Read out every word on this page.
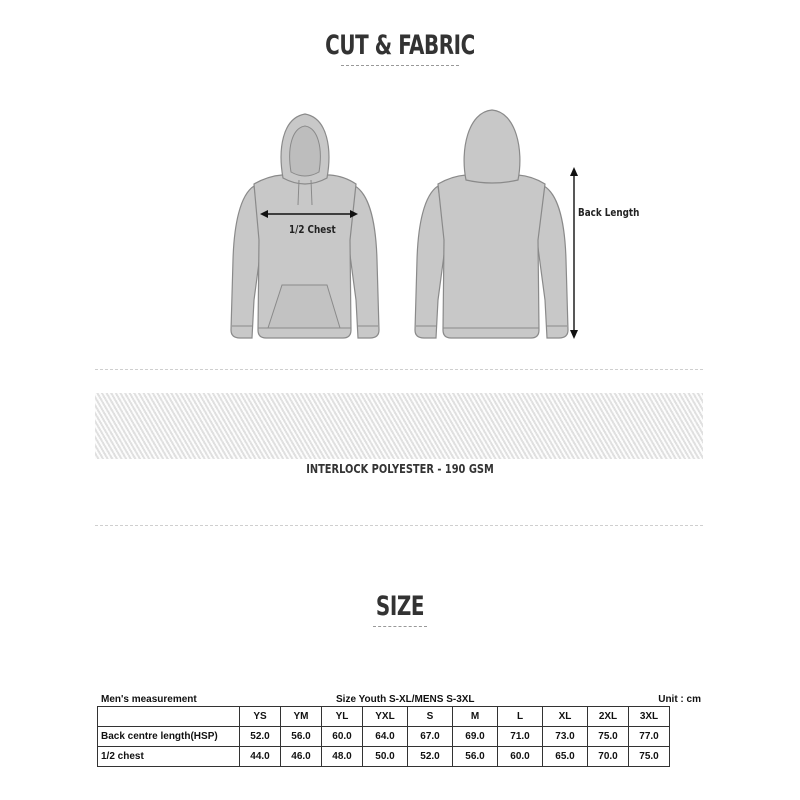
CUT & FABRIC
1/2 Chest
Back Length
INTERLOCK POLYESTER - 190 GSM
SIZE
Men's measurement	Size Youth S-XL/MENS S-3XL	Unit : cm
	YS	YM	YL	YXL	S	M	L	XL	2XL	3XL
Back centre length(HSP)	52.0	56.0	60.0	64.0	67.0	69.0	71.0	73.0	75.0	77.0
1/2 chest	44.0	46.0	48.0	50.0	52.0	56.0	60.0	65.0	70.0	75.0
